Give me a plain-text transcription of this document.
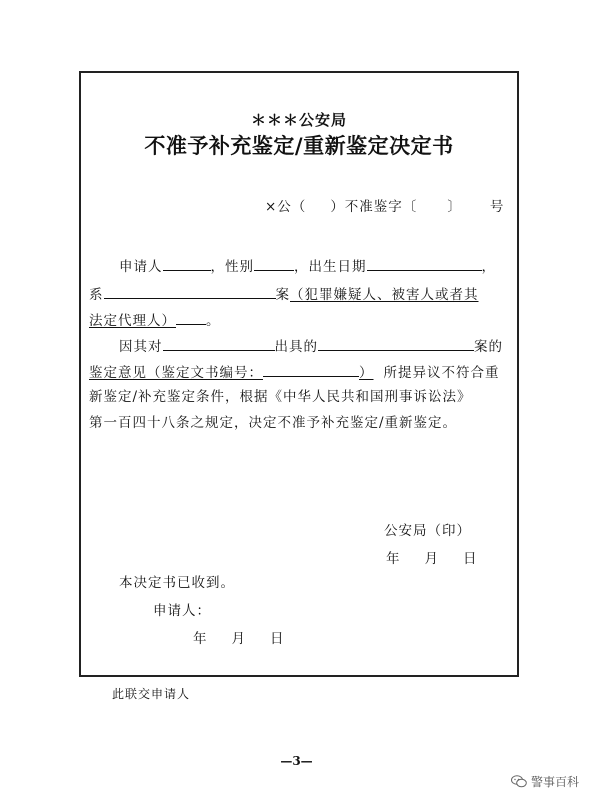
＊＊＊公安局
不准予补充鉴定/重新鉴定决定书
×公（ ）不准鉴字〔 〕 号
申请人	，性别	，出生日期	，
系	案（犯罪嫌疑人、被害人或者其
法定代理人） 。
因其对	出具的	案的
鉴定意见（鉴定文书编号：	） 所提异议不符合重
新鉴定/补充鉴定条件，根据《中华人民共和国刑事诉讼法》
第一百四十八条之规定，决定不准予补充鉴定/重新鉴定。
公安局（印）
年 月 日
本决定书已收到。
申请人：
年 月 日
此联交申请人
—3—
警事百科
